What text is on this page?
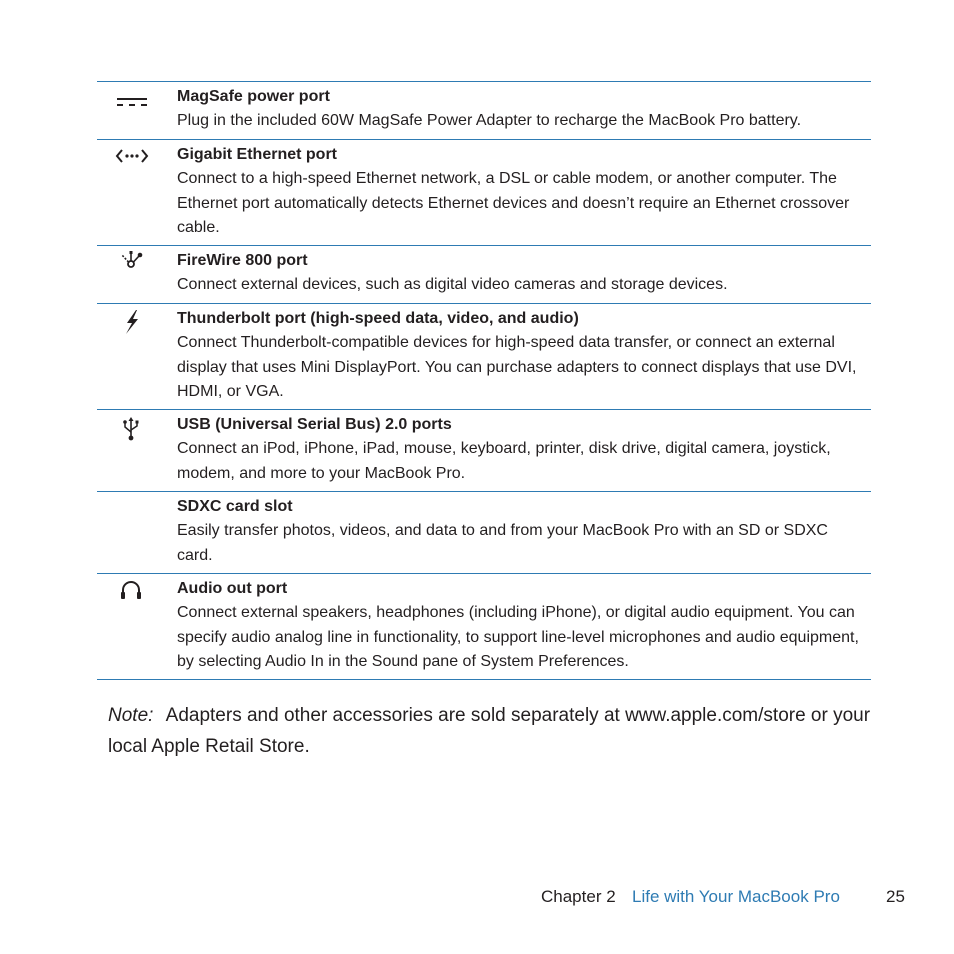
MagSafe power port

Plug in the included 60W MagSafe Power Adapter to recharge the MacBook Pro battery.

Gigabit Ethernet port

Connect to a high-speed Ethernet network, a DSL or cable modem, or another computer. The Ethernet port automatically detects Ethernet devices and doesn’t require an Ethernet crossover cable.

FireWire 800 port

Connect external devices, such as digital video cameras and storage devices.

Thunderbolt port (high-speed data, video, and audio)

Connect Thunderbolt-compatible devices for high-speed data transfer, or connect an external display that uses Mini DisplayPort. You can purchase adapters to connect displays that use DVI, HDMI, or VGA.

USB (Universal Serial Bus) 2.0 ports

Connect an iPod, iPhone, iPad, mouse, keyboard, printer, disk drive, digital camera, joystick, modem, and more to your MacBook Pro.

SDXC card slot

Easily transfer photos, videos, and data to and from your MacBook Pro with an SD or SDXC card.

Audio out port

Connect external speakers, headphones (including iPhone), or digital audio equipment. You can specify audio analog line in functionality, to support line-level microphones and audio equipment, by selecting Audio In in the Sound pane of System Preferences.

Note: Adapters and other accessories are sold separately at www.apple.com/store or your local Apple Retail Store.
Chapter 2 Life with Your MacBook Pro	25
